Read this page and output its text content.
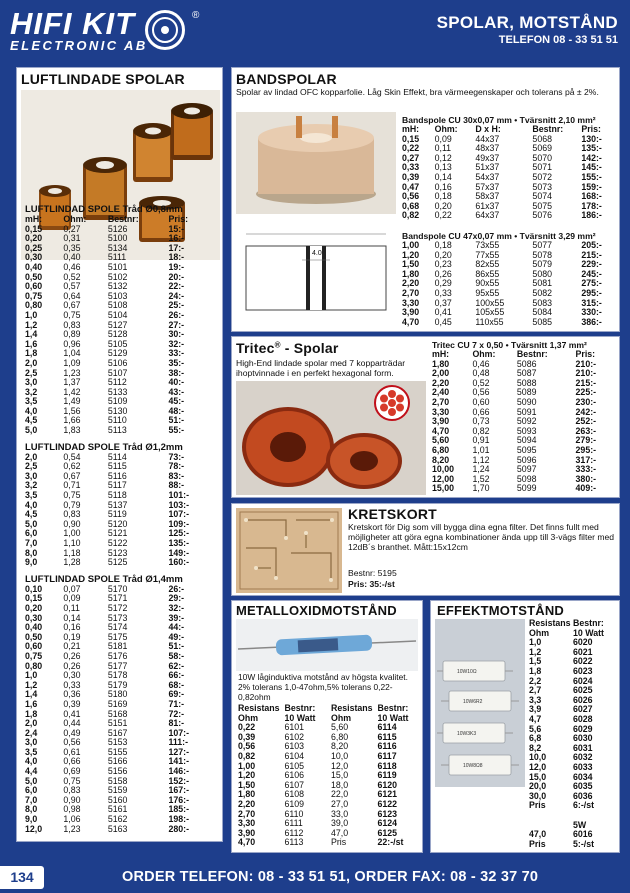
HIFI KIT
ELECTRONIC AB
®	SPOLAR, MOTSTÅND
TELEFON 08 - 33 51 51
LUFTLINDADE SPOLAR
LUFTLINDAD SPOLE Tråd Ø0,8mm
mH:	Ohm:	Bestnr:	Pris:
0,15	0,27	5126	15:-
0,20	0,31	5100	16:-
0,25	0,35	5134	17:-
0,30	0,40	5111	18:-
0,40	0,46	5101	19:-
0,50	0,52	5102	20:-
0,60	0,57	5132	22:-
0,75	0,64	5103	24:-
0,80	0,67	5108	25:-
1,0	0,75	5104	26:-
1,2	0,83	5127	27:-
1,4	0,89	5128	30:-
1,6	0,96	5105	32:-
1,8	1,04	5129	33:-
2,0	1,09	5106	35:-
2,5	1,23	5107	38:-
3,0	1,37	5112	40:-
3,2	1,42	5133	43:-
3,5	1,49	5109	45:-
4,0	1,56	5130	48:-
4,5	1,66	5110	51:-
5,0	1,83	5113	55:-
LUFTLINDAD SPOLE Tråd Ø1,2mm
2,0	0,54	5114	73:-
2,5	0,62	5115	78:-
3,0	0,67	5116	83:-
3,2	0,71	5117	88:-
3,5	0,75	5118	101:-
4,0	0,79	5137	103:-
4,5	0,83	5119	107:-
5,0	0,90	5120	109:-
6,0	1,00	5121	125:-
7,0	1,10	5122	135:-
8,0	1,18	5123	149:-
9,0	1,28	5125	160:-
LUFTLINDAD SPOLE Tråd Ø1,4mm
0,10	0,07	5170	26:-
0,15	0,09	5171	29:-
0,20	0,11	5172	32:-
0,30	0,14	5173	39:-
0,40	0,16	5174	44:-
0,50	0,19	5175	49:-
0,60	0,21	5181	51:-
0,75	0,26	5176	58:-
0,80	0,26	5177	62:-
1,0	0,30	5178	66:-
1,2	0,33	5179	68:-
1,4	0,36	5180	69:-
1,6	0,39	5169	71:-
1,8	0,41	5168	72:-
2,0	0,44	5151	81:-
2,4	0,49	5167	107:-
3,0	0,56	5153	111:-
3,5	0,61	5155	127:-
4,0	0,66	5166	141:-
4,4	0,69	5156	146:-
5,0	0,75	5158	152:-
6,0	0,83	5159	167:-
7,0	0,90	5160	176:-
8,0	0,98	5161	185:-
9,0	1,06	5162	198:-
12,0	1,23	5163	280:-
BANDSPOLAR
Spolar av lindad OFC kopparfolie. Låg Skin Effekt, bra värmeegenskaper och tolerans på ± 2%.
4.0
Bandspole CU 30x0,07 mm • Tvärsnitt 2,10 mm²
mH:	Ohm:	D x H:	Bestnr:	Pris:
0,15	0,09	44x37	5068	130:-
0,22	0,11	48x37	5069	135:-
0,27	0,12	49x37	5070	142:-
0,33	0,13	51x37	5071	145:-
0,39	0,14	54x37	5072	155:-
0,47	0,16	57x37	5073	159:-
0,56	0,18	58x37	5074	168:-
0,68	0,20	61x37	5075	178:-
0,82	0,22	64x37	5076	186:-
Bandspole CU 47x0,07 mm • Tvärsnitt 3,29 mm²
1,00	0,18	73x55	5077	205:-
1,20	0,20	77x55	5078	215:-
1,50	0,23	82x55	5079	229:-
1,80	0,26	86x55	5080	245:-
2,20	0,29	90x55	5081	275:-
2,70	0,33	95x55	5082	295:-
3,30	0,37	100x55	5083	315:-
3,90	0,41	105x55	5084	330:-
4,70	0,45	110x55	5085	386:-
Tritec® - Spolar
High-End lindade spolar med 7 kopparträdar ihoptvinnade i en perfekt hexagonal form.
Tritec CU 7 x 0,50 • Tvärsnitt 1,37 mm²
mH:	Ohm:	Bestnr:	Pris:
1,80	0,46	5086	210:-
2,00	0,48	5087	210:-
2,20	0,52	5088	215:-
2,40	0,56	5089	225:-
2,70	0,60	5090	230:-
3,30	0,66	5091	242:-
3,90	0,73	5092	252:-
4,70	0,82	5093	263:-
5,60	0,91	5094	279:-
6,80	1,01	5095	295:-
8,20	1,12	5096	317:-
10,00	1,24	5097	333:-
12,00	1,52	5098	380:-
15,00	1,70	5099	409:-
KRETSKORT
Kretskort för Dig som vill bygga dina egna filter. Det finns fullt med möjligheter att göra egna kombinationer ända upp till 3-vägs filter med 12dB´s branthet. Mått:15x12cm
Bestnr: 5195
Pris: 35:-/st
METALLOXIDMOTSTÅND
10W låginduktiva motstånd av högsta kvalitet. 2% tolerans 1,0-47ohm,5% tolerans 0,22-0,82ohm
Resistans	Bestnr:	Resistans	Bestnr:
Ohm	10 Watt	Ohm	10 Watt
0,22	6101	5,60	6114
0,39	6102	6,80	6115
0,56	6103	8,20	6116
0,82	6104	10,0	6117
1,00	6105	12,0	6118
1,20	6106	15,0	6119
1,50	6107	18,0	6120
1,80	6108	22,0	6121
2,20	6109	27,0	6122
2,70	6110	33,0	6123
3,30	6111	39,0	6124
3,90	6112	47,0	6125
4,70	6113	Pris	22:-/st
EFFEKTMOTSTÅND
10W10Ω
10W6R2
10W3K3
10W8Ω8
Resistans	Bestnr:
Ohm	10 Watt
1,0	6020
1,2	6021
1,5	6022
1,8	6023
2,2	6024
2,7	6025
3,3	6026
3,9	6027
4,7	6028
5,6	6029
6,8	6030
8,2	6031
10,0	6032
12,0	6033
15,0	6034
20,0	6035
30,0	6036
Pris	6:-/st

	5W
47,0	6016
Pris	5:-/st
134	ORDER TELEFON: 08 - 33 51 51, ORDER FAX: 08 - 32 37 70
